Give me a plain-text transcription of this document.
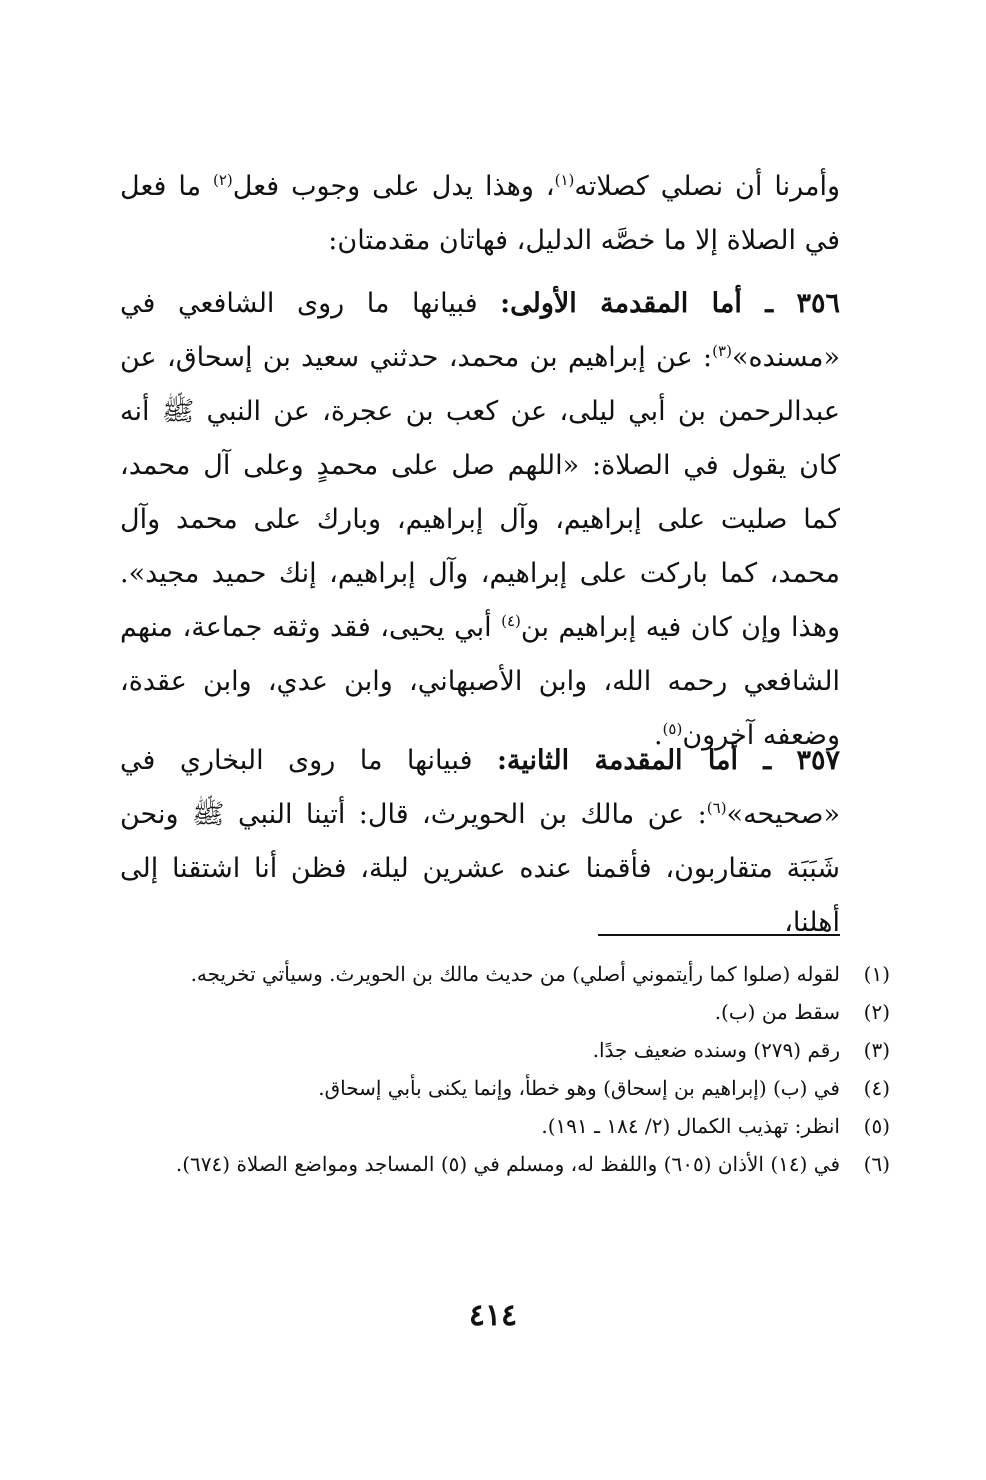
وأمرنا أن نصلي كصلاته$^{(١)}$، وهذا يدل على وجوب فعل$^{(٢)}$ ما فعل في الصلاة إلا ما خصَّه الدليل، فهاتان مقدمتان:

٣٥٦ ـ أما المقدمة الأولى: فبيانها ما روى الشافعي في «مسنده»$^{(٣)}$: عن إبراهيم بن محمد، حدثني سعيد بن إسحاق، عن عبدالرحمن بن أبي ليلى، عن كعب بن عجرة، عن النبي ﷺ أنه كان يقول في الصلاة: «اللهم صل على محمدٍ وعلى آل محمد، كما صليت على إبراهيم، وآل إبراهيم، وبارك على محمد وآل محمد، كما باركت على إبراهيم، وآل إبراهيم، إنك حميد مجيد». وهذا وإن كان فيه إبراهيم بن$^{(٤)}$ أبي يحيى، فقد وثقه جماعة، منهم الشافعي رحمه الله، وابن الأصبهاني، وابن عدي، وابن عقدة، وضعفه آخرون$^{(٥)}$.

٣٥٧ ـ أما المقدمة الثانية: فبيانها ما روى البخاري في «صحيحه»$^{(٦)}$: عن مالك بن الحويرث، قال: أتينا النبي ﷺ ونحن شَبَبَة متقاربون، فأقمنا عنده عشرين ليلة، فظن أنا اشتقنا إلى أهلنا،

(١)
لقوله (صلوا كما رأيتموني أصلي) من حديث مالك بن الحويرث. وسيأتي تخريجه.
(٢)
سقط من (ب).
(٣)
رقم (٢٧٩) وسنده ضعيف جدًا.
(٤)
في (ب) (إبراهيم بن إسحاق) وهو خطأ، وإنما يكنى بأبي إسحاق.
(٥)
انظر: تهذيب الكمال (٢/ ١٨٤ ـ ١٩١).
(٦)
في (١٤) الأذان (٦٠٥) واللفظ له، ومسلم في (٥) المساجد ومواضع الصلاة (٦٧٤).
٤١٤
